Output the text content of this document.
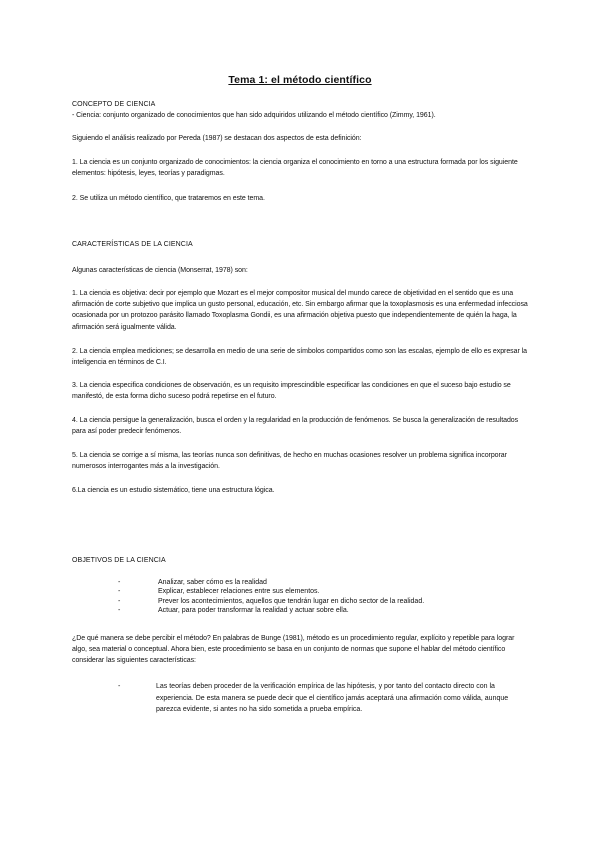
Tema 1: el método científico
CONCEPTO DE CIENCIA
- Ciencia: conjunto organizado de conocimientos que han sido adquiridos utilizando el método científico (Zimmy, 1961).
Siguiendo el análisis realizado por Pereda (1987) se destacan dos aspectos de esta definición:
1. La ciencia es un conjunto organizado de conocimientos: la ciencia organiza el conocimiento en torno a una estructura formada por los siguiente elementos: hipótesis, leyes, teorías y paradigmas.
2. Se utiliza un método científico, que trataremos en este tema.
CARACTERÍSTICAS DE LA CIENCIA
Algunas características de ciencia (Monserrat, 1978) son:
1. La ciencia es objetiva: decir por ejemplo que Mozart es el mejor compositor musical del mundo carece de objetividad en el sentido que es una afirmación de corte subjetivo que implica un gusto personal, educación, etc. Sin embargo afirmar que la toxoplasmosis es una enfermedad infecciosa ocasionada por un protozoo parásito llamado Toxoplasma Gondii, es una afirmación objetiva puesto que independientemente de quién la haga, la afirmación será igualmente válida.
2. La ciencia emplea mediciones; se desarrolla en medio de una serie de símbolos compartidos como son las escalas, ejemplo de ello es expresar la inteligencia en términos de C.I.
3. La ciencia especifica condiciones de observación, es un requisito imprescindible especificar las condiciones en que el suceso bajo estudio se manifestó, de esta forma dicho suceso podrá repetirse en el futuro.
4. La ciencia persigue la generalización, busca el orden y la regularidad en la producción de fenómenos. Se busca la generalización de resultados para así poder predecir fenómenos.
5. La ciencia se corrige a sí misma, las teorías nunca son definitivas, de hecho en muchas ocasiones resolver un problema significa incorporar numerosos interrogantes más a la investigación.
6.La ciencia es un estudio sistemático, tiene una estructura lógica.
OBJETIVOS DE LA CIENCIA
-	Analizar, saber cómo es la realidad
-	Explicar, establecer relaciones entre sus elementos.
-	Prever los acontecimientos, aquellos que tendrán lugar en dicho sector de la realidad.
-	Actuar, para poder transformar la realidad y actuar sobre ella.
¿De qué manera se debe percibir el método? En palabras de Bunge (1981), método es un procedimiento regular, explícito y repetible para lograr algo, sea material o conceptual. Ahora bien, este procedimiento se basa en un conjunto de normas que supone el hablar del método científico considerar las siguientes características:
-	Las teorías deben proceder de la verificación empírica de las hipótesis, y por tanto del contacto directo con la experiencia. De esta manera se puede decir que el científico jamás aceptará una afirmación como válida, aunque parezca evidente, si antes no ha sido sometida a prueba empírica.
